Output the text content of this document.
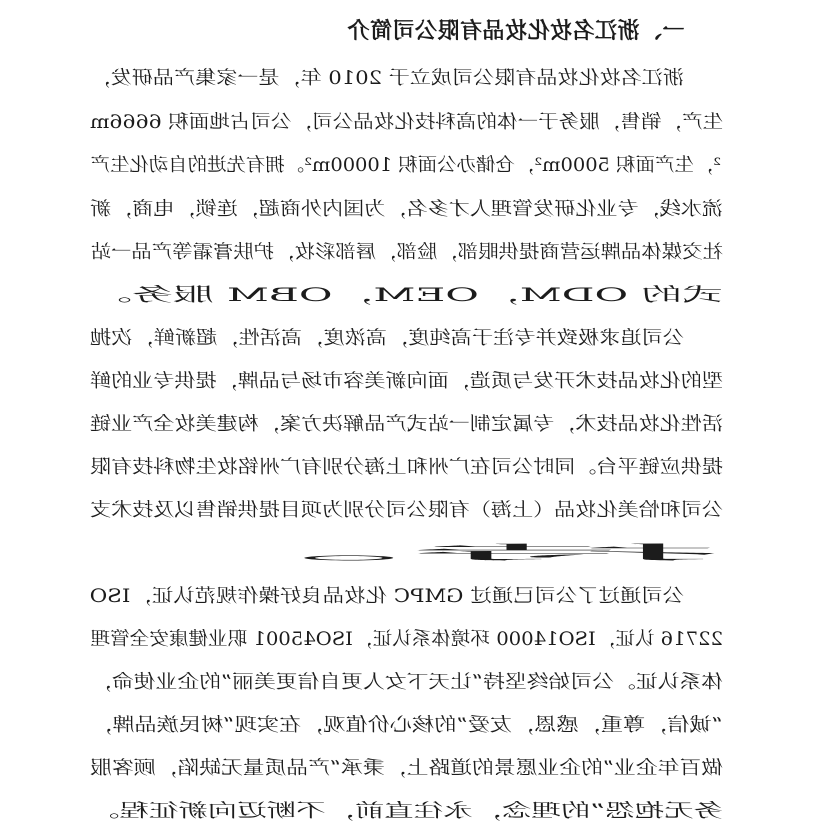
一、浙江名妆化妆品有限公司简介
浙江名妆化妆品有限公司成立于 2010 年，是一家集产品研发，
生产，销售，服务于一体的高科技化妆品公司，公司占地面积 6666m
²，生产面积 5000m²，仓储办公面积 10000m²。拥有先进的自动化生产
流水线，专业化研发管理人才多名，为国内外商超，连锁，电商，新
社交媒体品牌运营商提供眼部，脸部，唇部彩妆，护肤膏霜等产品一站
式的 ODM，OEM，OBM 服务。
公司追求极致并专注于高纯度，高浓度，高活性，超新鲜，次抛
型的化妆品技术开发与质造，面向新美容市场与品牌，提供专业的鲜
活性化妆品技术，专属定制一站式产品解决方案，构建美妆全产业链
提供应链平台。同时公司在广州和上海分别有广州铭妆生物科技有限
公司和恰美化妆品（上海）有限公司分别为项目提供销售以及技术支
持。
公司通过了公司已通过 GMPC 化妆品良好操作规范认证，ISO
22716 认证，ISO14000 环境体系认证，ISO45001 职业健康安全管理
体系认证。公司始终坚持“让天下女人更自信更美丽”的企业使命，
“诚信，尊重，感恩，友爱”的核心价值观，在实现“树民族品牌，
做百年企业”的企业愿景的道路上，秉承“产品质量无缺陷，顾客服
务无抱怨”的理念，永往直前，不断迈向新征程。
